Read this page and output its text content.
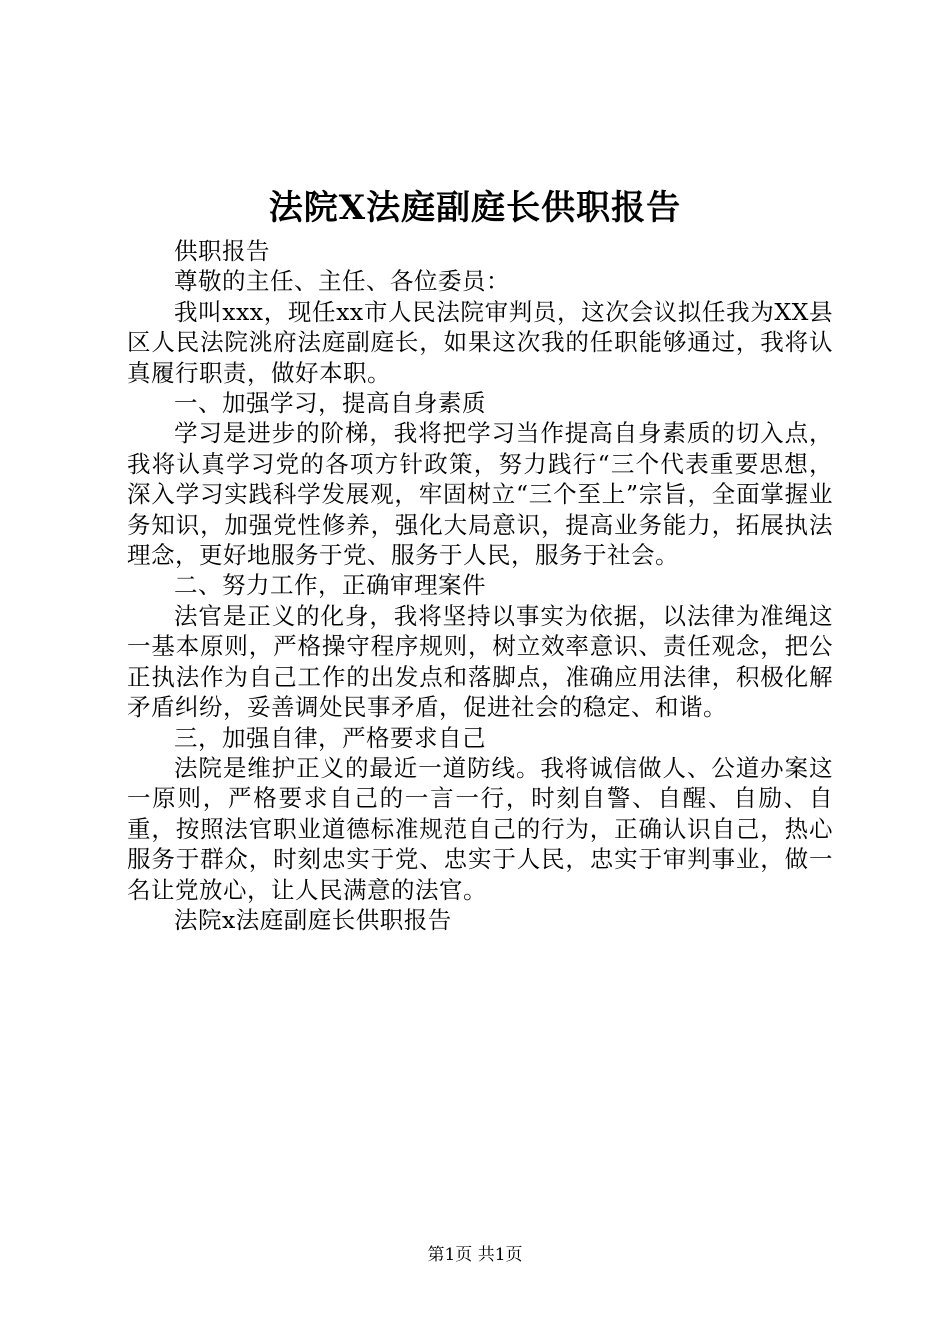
法院X法庭副庭长供职报告

供职报告

尊敬的主任、主任、各位委员：

我叫xxx，现任xx市人民法院审判员，这次会议拟任我为XX县区人民法院洮府法庭副庭长，如果这次我的任职能够通过，我将认真履行职责，做好本职。

一、加强学习，提高自身素质

学习是进步的阶梯，我将把学习当作提高自身素质的切入点，我将认真学习党的各项方针政策，努力践行“三个代表重要思想，深入学习实践科学发展观，牢固树立“三个至上”宗旨，全面掌握业务知识，加强党性修养，强化大局意识，提高业务能力，拓展执法理念，更好地服务于党、服务于人民，服务于社会。

二、努力工作，正确审理案件

法官是正义的化身，我将坚持以事实为依据，以法律为准绳这一基本原则，严格操守程序规则，树立效率意识、责任观念，把公正执法作为自己工作的出发点和落脚点，准确应用法律，积极化解矛盾纠纷，妥善调处民事矛盾，促进社会的稳定、和谐。

三，加强自律，严格要求自己

法院是维护正义的最近一道防线。我将诚信做人、公道办案这一原则，严格要求自己的一言一行，时刻自警、自醒、自励、自重，按照法官职业道德标准规范自己的行为，正确认识自己，热心服务于群众，时刻忠实于党、忠实于人民，忠实于审判事业，做一名让党放心，让人民满意的法官。

法院x法庭副庭长供职报告

第1页 共1页
